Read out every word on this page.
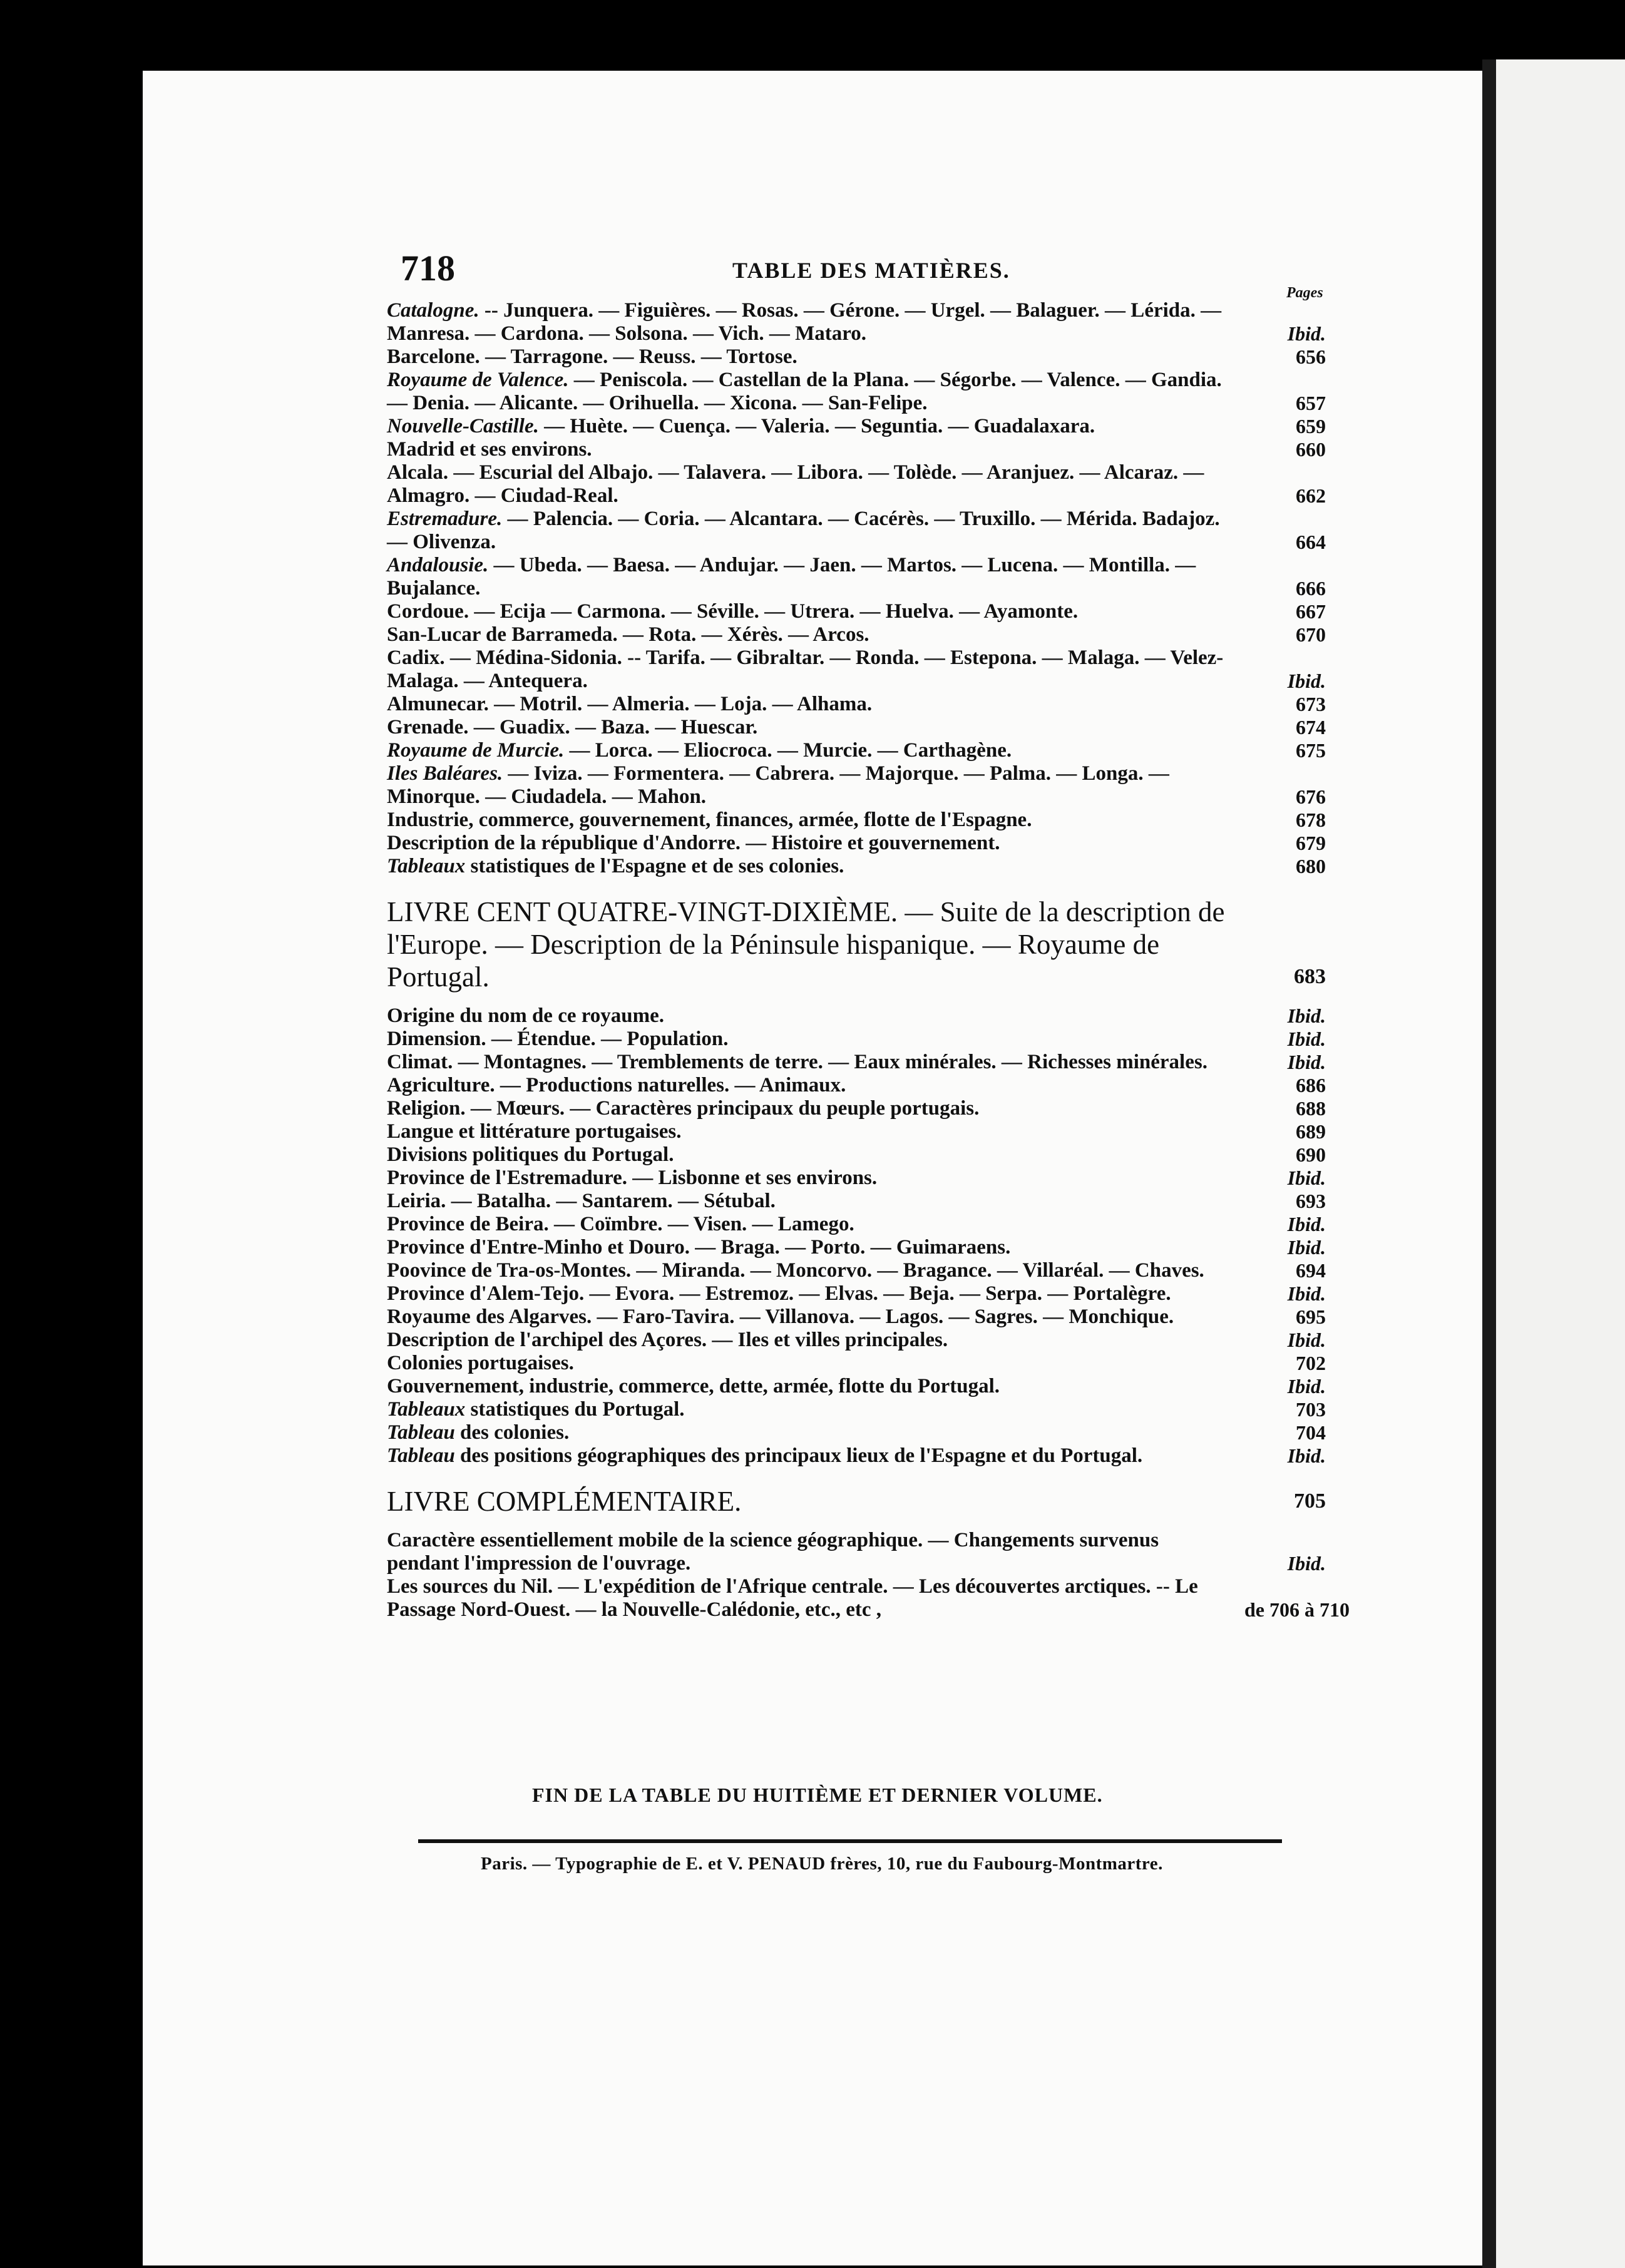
718	TABLE DES MATIÈRES.
Pages
Catalogne. -- Junquera. — Figuières. — Rosas. — Gérone. — Urgel. — Balaguer. — Lérida. — Manresa. — Cardona. — Solsona. — Vich. — Mataro.	Ibid.
Barcelone. — Tarragone. — Reuss. — Tortose.	656
Royaume de Valence. — Peniscola. — Castellan de la Plana. — Ségorbe. — Valence. — Gandia. — Denia. — Alicante. — Orihuella. — Xicona. — San-Felipe.	657
Nouvelle-Castille. — Huète. — Cuença. — Valeria. — Seguntia. — Guadalaxara.	659
Madrid et ses environs.	660
Alcala. — Escurial del Albajo. — Talavera. — Libora. — Tolède. — Aranjuez. — Alcaraz. — Almagro. — Ciudad-Real.	662
Estremadure. — Palencia. — Coria. — Alcantara. — Cacérès. — Truxillo. — Mérida. Badajoz. — Olivenza.	664
Andalousie. — Ubeda. — Baesa. — Andujar. — Jaen. — Martos. — Lucena. — Montilla. — Bujalance.	666
Cordoue. — Ecija — Carmona. — Séville. — Utrera. — Huelva. — Ayamonte.	667
San-Lucar de Barrameda. — Rota. — Xérès. — Arcos.	670
Cadix. — Médina-Sidonia. -- Tarifa. — Gibraltar. — Ronda. — Estepona. — Malaga. — Velez-Malaga. — Antequera.	Ibid.
Almunecar. — Motril. — Almeria. — Loja. — Alhama.	673
Grenade. — Guadix. — Baza. — Huescar.	674
Royaume de Murcie. — Lorca. — Eliocroca. — Murcie. — Carthagène.	675
Iles Baléares. — Iviza. — Formentera. — Cabrera. — Majorque. — Palma. — Longa. — Minorque. — Ciudadela. — Mahon.	676
Industrie, commerce, gouvernement, finances, armée, flotte de l'Espagne.	678
Description de la république d'Andorre. — Histoire et gouvernement.	679
Tableaux statistiques de l'Espagne et de ses colonies.	680
LIVRE CENT QUATRE-VINGT-DIXIÈME. — Suite de la description de l'Europe. — Description de la Péninsule hispanique. — Royaume de Portugal.	683
Origine du nom de ce royaume.	Ibid.
Dimension. — Étendue. — Population.	Ibid.
Climat. — Montagnes. — Tremblements de terre. — Eaux minérales. — Richesses minérales.	Ibid.
Agriculture. — Productions naturelles. — Animaux.	686
Religion. — Mœurs. — Caractères principaux du peuple portugais.	688
Langue et littérature portugaises.	689
Divisions politiques du Portugal.	690
Province de l'Estremadure. — Lisbonne et ses environs.	Ibid.
Leiria. — Batalha. — Santarem. — Sétubal.	693
Province de Beira. — Coïmbre. — Visen. — Lamego.	Ibid.
Province d'Entre-Minho et Douro. — Braga. — Porto. — Guimaraens.	Ibid.
Poovince de Tra-os-Montes. — Miranda. — Moncorvo. — Bragance. — Villaréal. — Chaves.	694
Province d'Alem-Tejo. — Evora. — Estremoz. — Elvas. — Beja. — Serpa. — Portalègre.	Ibid.
Royaume des Algarves. — Faro-Tavira. — Villanova. — Lagos. — Sagres. — Monchique.	695
Description de l'archipel des Açores. — Iles et villes principales.	Ibid.
Colonies portugaises.	702
Gouvernement, industrie, commerce, dette, armée, flotte du Portugal.	Ibid.
Tableaux statistiques du Portugal.	703
Tableau des colonies.	704
Tableau des positions géographiques des principaux lieux de l'Espagne et du Portugal.	Ibid.
LIVRE COMPLÉMENTAIRE.	705
Caractère essentiellement mobile de la science géographique. — Changements survenus pendant l'impression de l'ouvrage.	Ibid.
Les sources du Nil. — L'expédition de l'Afrique centrale. — Les découvertes arctiques. -- Le Passage Nord-Ouest. — la Nouvelle-Calédonie, etc., etc ,	de 706 à 710
FIN DE LA TABLE DU HUITIÈME ET DERNIER VOLUME.
Paris. — Typographie de E. et V. PENAUD frères, 10, rue du Faubourg-Montmartre.
